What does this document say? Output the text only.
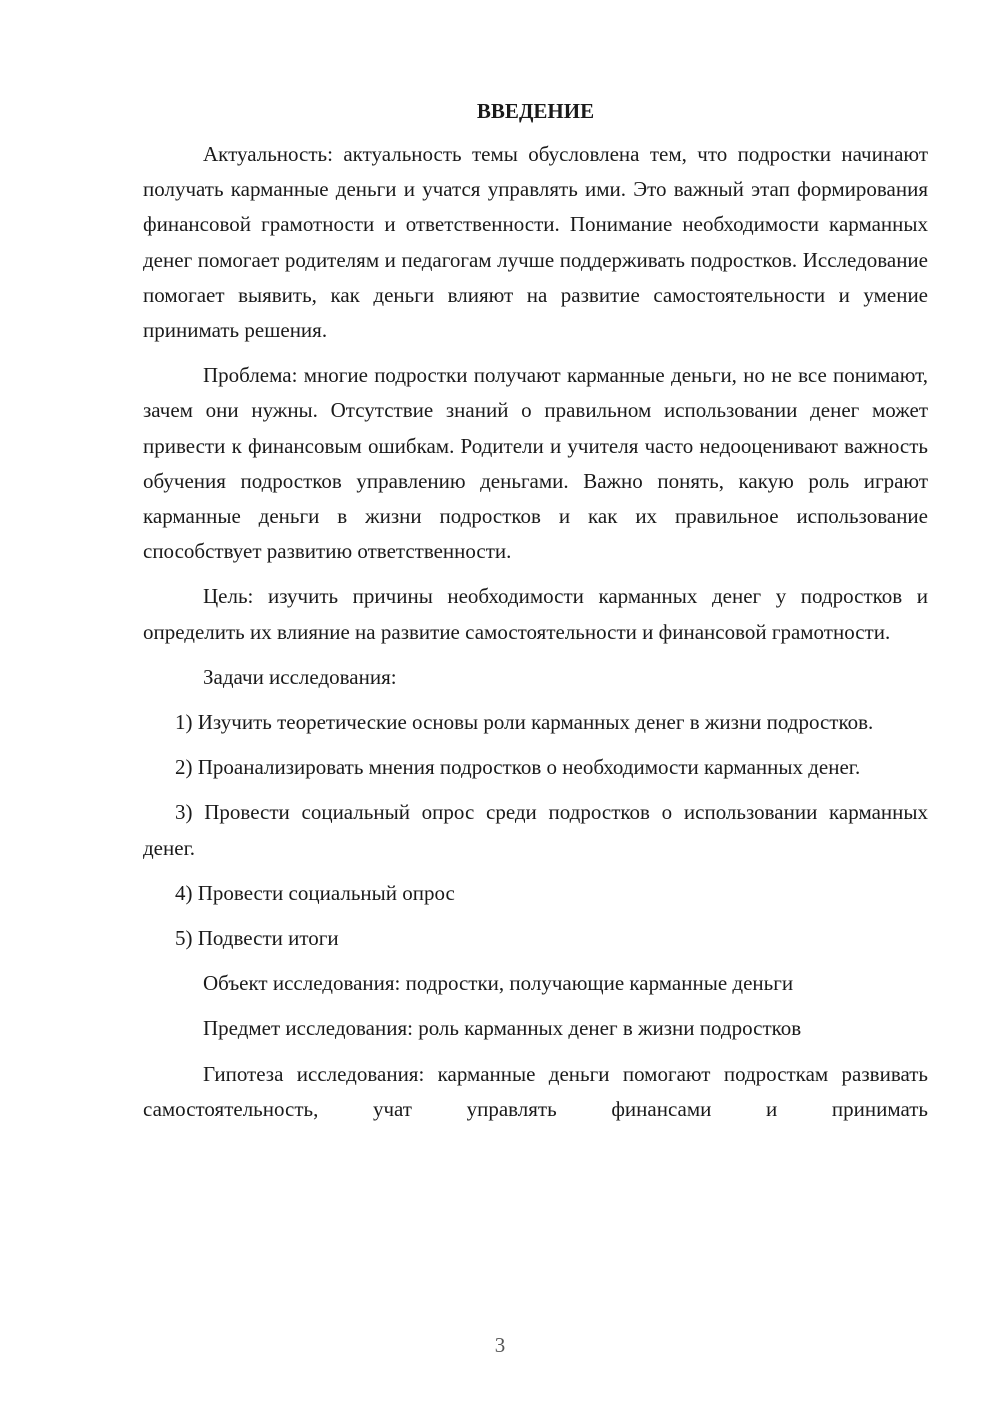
ВВЕДЕНИЕ

Актуальность: актуальность темы обусловлена тем, что подростки начинают получать карманные деньги и учатся управлять ими. Это важный этап формирования финансовой грамотности и ответственности. Понимание необходимости карманных денег помогает родителям и педагогам лучше поддерживать подростков. Исследование помогает выявить, как деньги влияют на развитие самостоятельности и умение принимать решения.

Проблема: многие подростки получают карманные деньги, но не все понимают, зачем они нужны. Отсутствие знаний о правильном использовании денег может привести к финансовым ошибкам. Родители и учителя часто недооценивают важность обучения подростков управлению деньгами. Важно понять, какую роль играют карманные деньги в жизни подростков и как их правильное использование способствует развитию ответственности.

Цель: изучить причины необходимости карманных денег у подростков и определить их влияние на развитие самостоятельности и финансовой грамотности.

Задачи исследования:

1) Изучить теоретические основы роли карманных денег в жизни подростков.

2) Проанализировать мнения подростков о необходимости карманных денег.

3) Провести социальный опрос среди подростков о использовании карманных денег.

4) Провести социальный опрос

5) Подвести итоги

Объект исследования: подростки, получающие карманные деньги

Предмет исследования: роль карманных денег в жизни подростков

Гипотеза исследования: карманные деньги помогают подросткам развивать самостоятельность, учат управлять финансами и принимать

3
